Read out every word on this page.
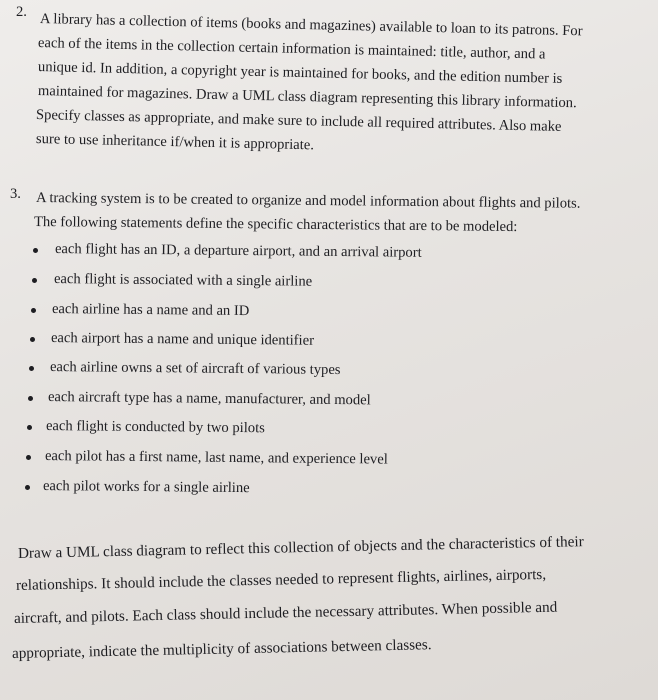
2. A library has a collection of items (books and magazines) available to loan to its patrons. For
each of the items in the collection certain information is maintained: title, author, and a
unique id. In addition, a copyright year is maintained for books, and the edition number is
maintained for magazines. Draw a UML class diagram representing this library information.
Specify classes as appropriate, and make sure to include all required attributes. Also make
sure to use inheritance if/when it is appropriate.
3. A tracking system is to be created to organize and model information about flights and pilots.
The following statements define the specific characteristics that are to be modeled:
each flight has an ID, a departure airport, and an arrival airport
each flight is associated with a single airline
each airline has a name and an ID
each airport has a name and unique identifier
each airline owns a set of aircraft of various types
each aircraft type has a name, manufacturer, and model
each flight is conducted by two pilots
each pilot has a first name, last name, and experience level
each pilot works for a single airline
Draw a UML class diagram to reflect this collection of objects and the characteristics of their
relationships. It should include the classes needed to represent flights, airlines, airports,
aircraft, and pilots. Each class should include the necessary attributes. When possible and
appropriate, indicate the multiplicity of associations between classes.
